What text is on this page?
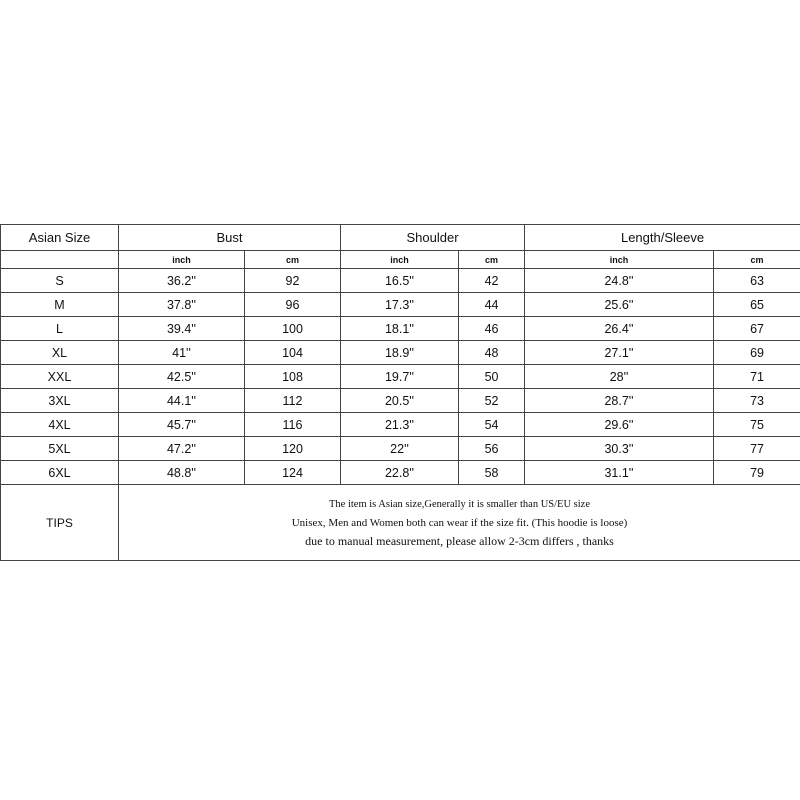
Asian Size	Bust		Shoulder		Length/Sleeve	
	inch	cm	inch	cm	inch	cm
S	36.2''	92	16.5''	42	24.8''	63
M	37.8''	96	17.3''	44	25.6''	65
L	39.4''	100	18.1''	46	26.4''	67
XL	41''	104	18.9''	48	27.1''	69
XXL	42.5''	108	19.7''	50	28''	71
3XL	44.1''	112	20.5''	52	28.7''	73
4XL	45.7''	116	21.3''	54	29.6''	75
5XL	47.2''	120	22''	56	30.3''	77
6XL	48.8''	124	22.8''	58	31.1''	79
TIPS	The item is Asian size,Generally it is smaller than US/EU size
Unisex, Men and Women both can wear if the size fit. (This hoodie is loose)
due to manual measurement, please allow 2-3cm differs , thanks					
